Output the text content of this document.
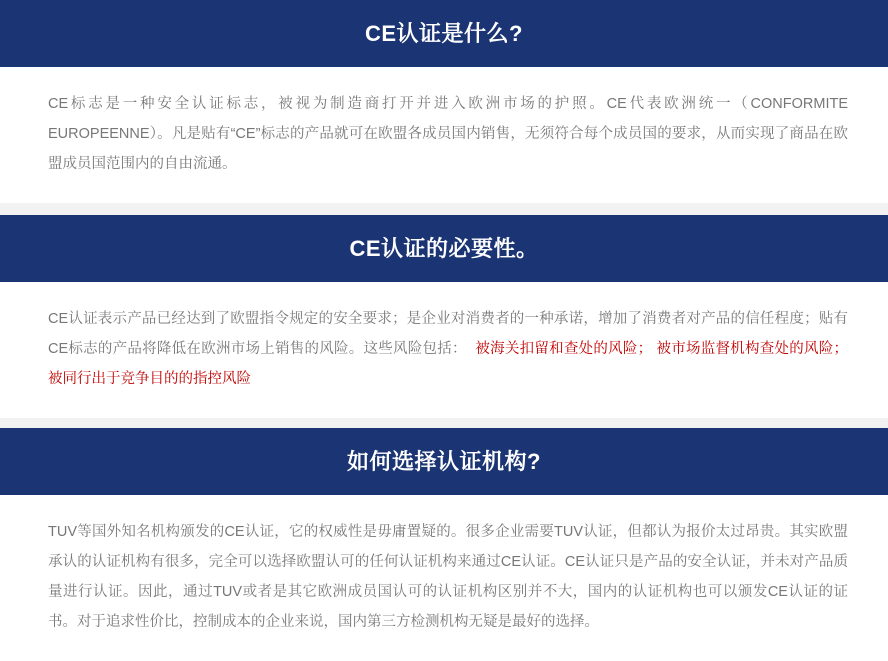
CE认证是什么?

CE标志是一种安全认证标志，被视为制造商打开并进入欧洲市场的护照。CE代表欧洲统一（CONFORMITE EUROPEENNE）。凡是贴有“CE”标志的产品就可在欧盟各成员国内销售，无须符合每个成员国的要求，从而实现了商品在欧盟成员国范围内的自由流通。

CE认证的必要性。

CE认证表示产品已经达到了欧盟指令规定的安全要求；是企业对消费者的一种承诺，增加了消费者对产品的信任程度；贴有CE标志的产品将降低在欧洲市场上销售的风险。这些风险包括： 被海关扣留和查处的风险； 被市场监督机构查处的风险； 被同行出于竞争目的的指控风险

如何选择认证机构?

TUV等国外知名机构颁发的CE认证，它的权威性是毋庸置疑的。很多企业需要TUV认证，但都认为报价太过昂贵。其实欧盟承认的认证机构有很多，完全可以选择欧盟认可的任何认证机构来通过CE认证。CE认证只是产品的安全认证，并未对产品质量进行认证。因此，通过TUV或者是其它欧洲成员国认可的认证机构区别并不大，国内的认证机构也可以颁发CE认证的证书。对于追求性价比，控制成本的企业来说，国内第三方检测机构无疑是最好的选择。
